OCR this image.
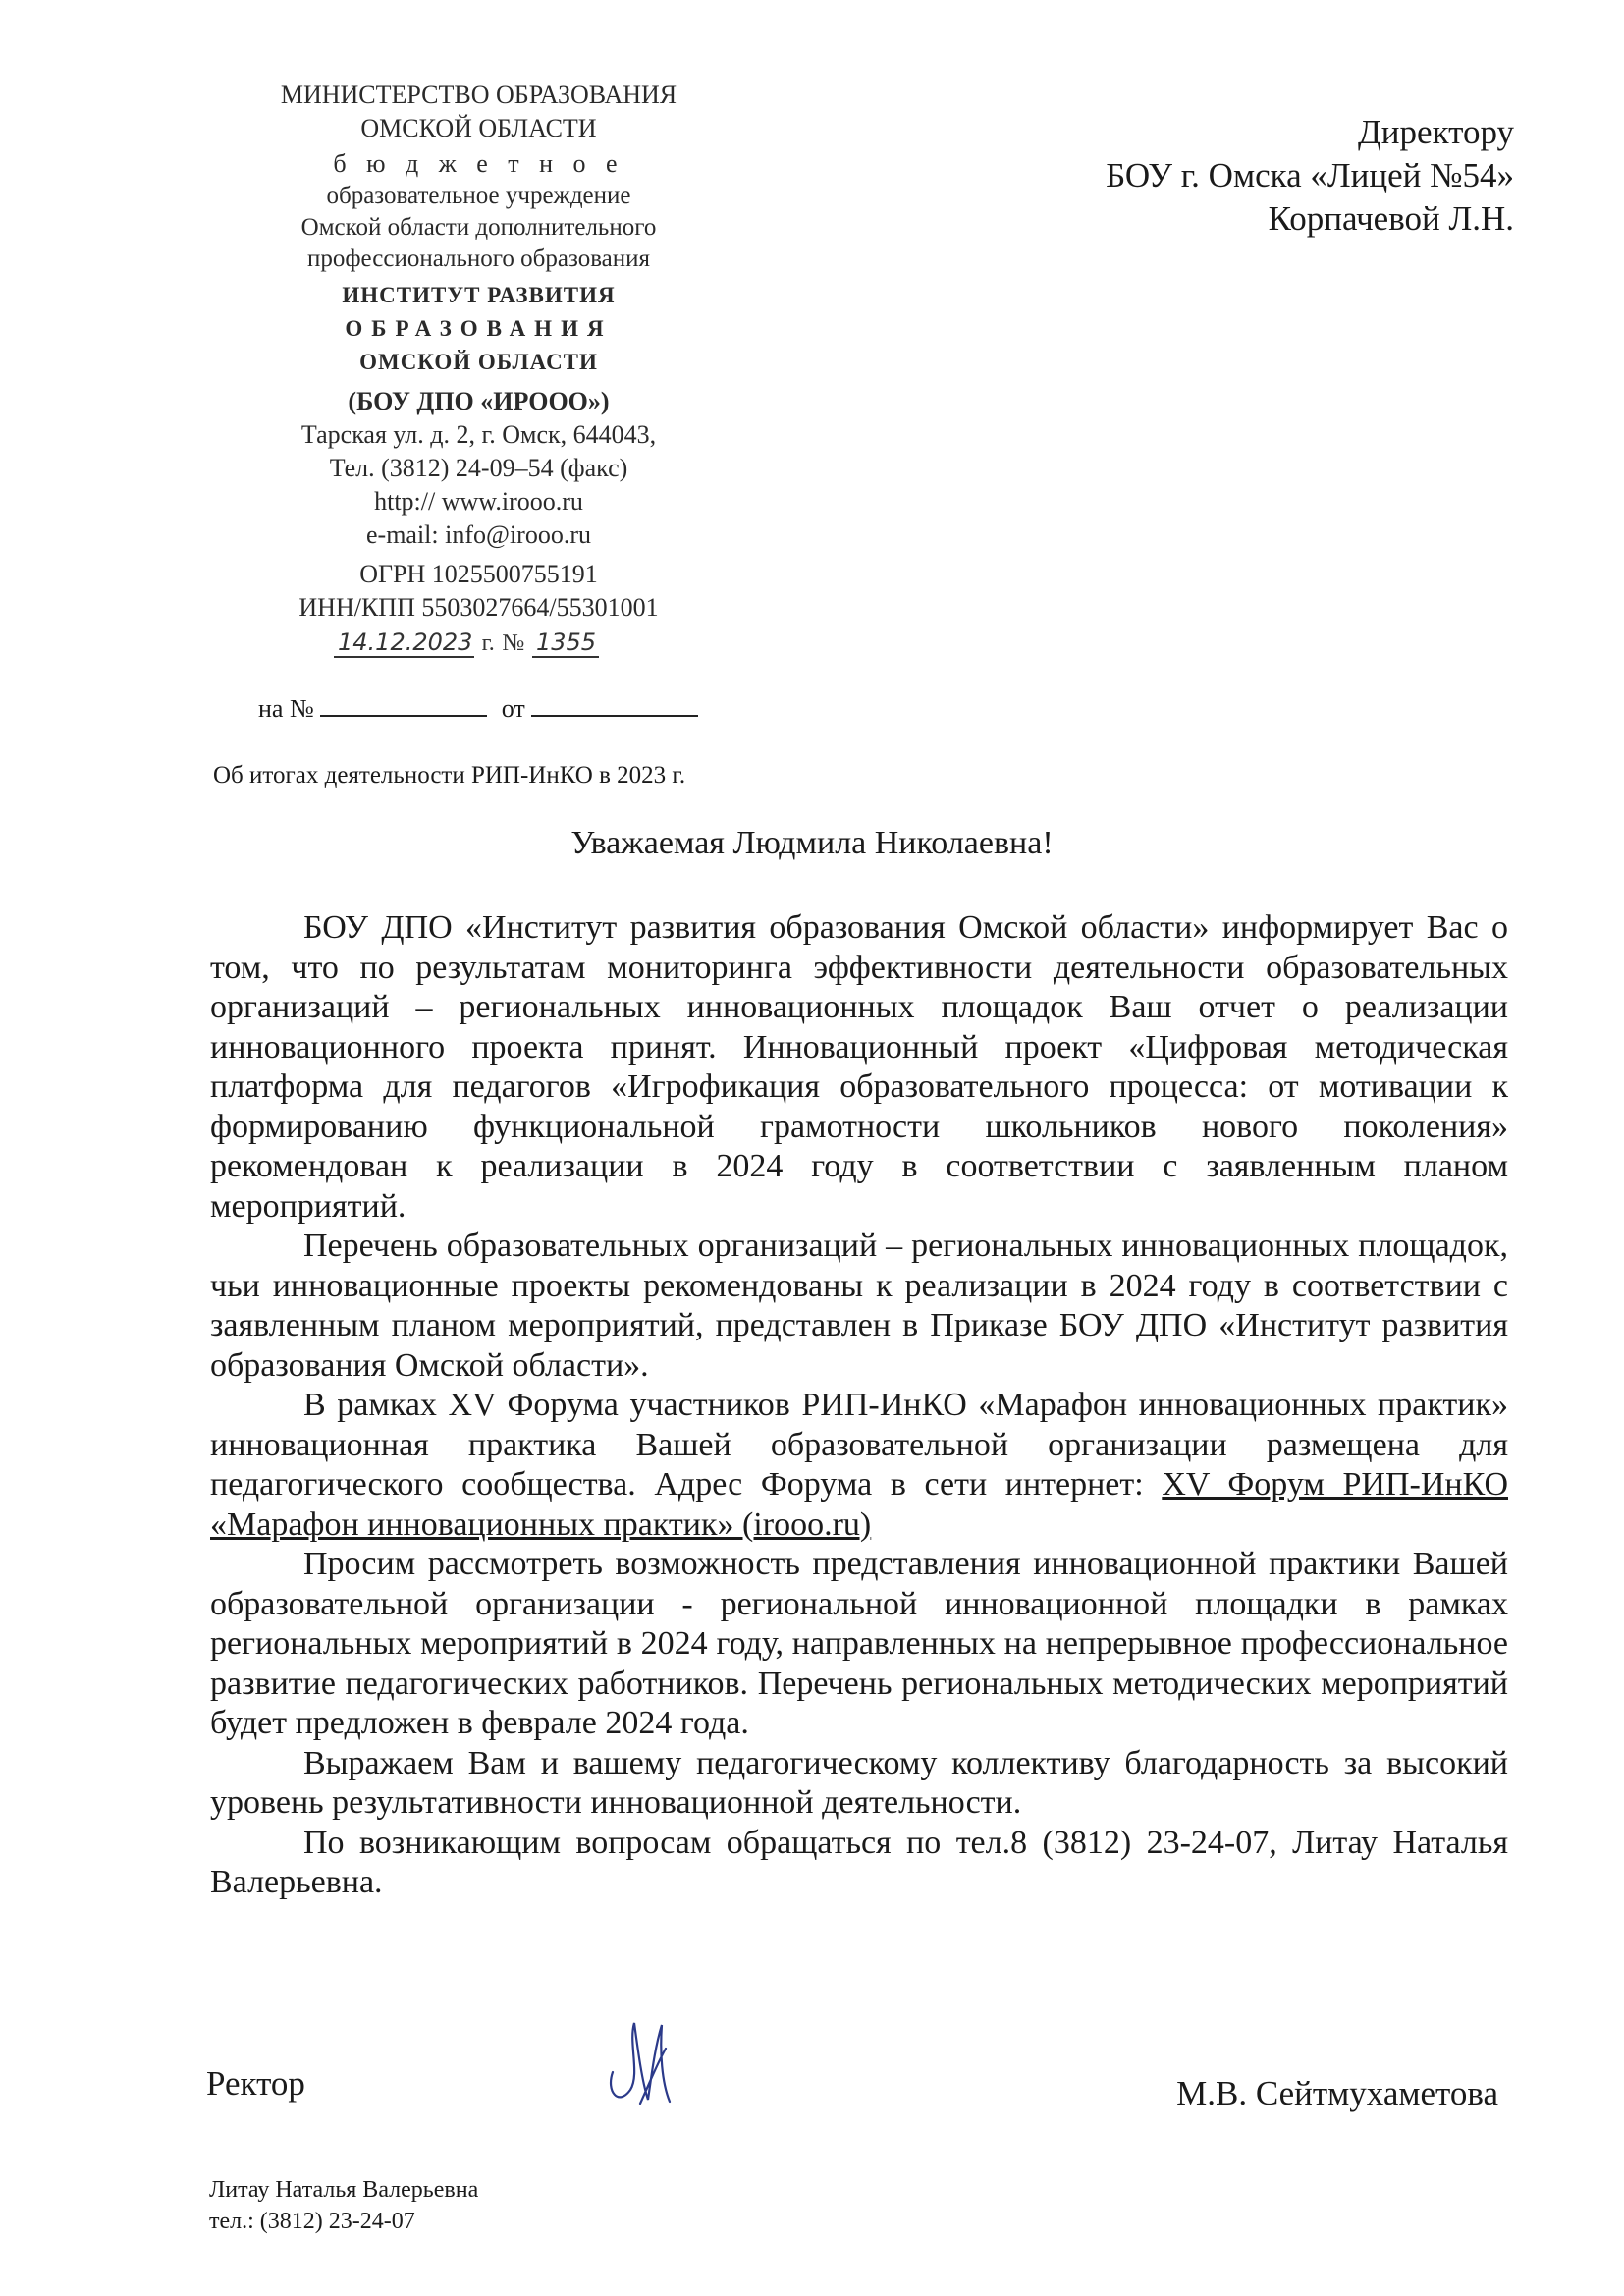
МИНИСТЕРСТВО ОБРАЗОВАНИЯ
ОМСКОЙ ОБЛАСТИ
б ю д ж е т н о е
образовательное учреждение
Омской области дополнительного
профессионального образования
ИНСТИТУТ РАЗВИТИЯ
ОБРАЗОВАНИЯ
ОМСКОЙ ОБЛАСТИ
(БОУ ДПО «ИРООО»)
Тарская ул. д. 2, г. Омск, 644043,
Тел. (3812) 24-09–54 (факс)
http:// www.irooo.ru
e-mail: info@irooo.ru
ОГРН 1025500755191
ИНН/КПП 5503027664/55301001
14.12.2023 г. № 1355
на №	от
Об итогах деятельности РИП-ИнКО в 2023 г.
Директору
БОУ г. Омска «Лицей №54»
Корпачевой Л.Н.
Уважаемая Людмила Николаевна!

БОУ ДПО «Институт развития образования Омской области» информирует Вас о том, что по результатам мониторинга эффективности деятельности образовательных организаций – региональных инновационных площадок Ваш отчет о реализации инновационного проекта принят. Инновационный проект «Цифровая методическая платформа для педагогов «Игрофикация образовательного процесса: от мотивации к формированию функциональной грамотности школьников нового поколения» рекомендован к реализации в 2024 году в соответствии с заявленным планом мероприятий.

Перечень образовательных организаций – региональных инновационных площадок, чьи инновационные проекты рекомендованы к реализации в 2024 году в соответствии с заявленным планом мероприятий, представлен в Приказе БОУ ДПО «Институт развития образования Омской области».

В рамках XV Форума участников РИП-ИнКО «Марафон инновационных практик» инновационная практика Вашей образовательной организации размещена для педагогического сообщества. Адрес Форума в сети интернет: XV Форум РИП-ИнКО «Марафон инновационных практик» (irooo.ru)

Просим рассмотреть возможность представления инновационной практики Вашей образовательной организации - региональной инновационной площадки в рамках региональных мероприятий в 2024 году, направленных на непрерывное профессиональное развитие педагогических работников. Перечень региональных методических мероприятий будет предложен в феврале 2024 года.

Выражаем Вам и вашему педагогическому коллективу благодарность за высокий уровень результативности инновационной деятельности.

По возникающим вопросам обращаться по тел.8 (3812) 23-24-07, Литау Наталья Валерьевна.

Ректор	М.В. Сейтмухаметова
Литау Наталья Валерьевна
тел.: (3812) 23-24-07
